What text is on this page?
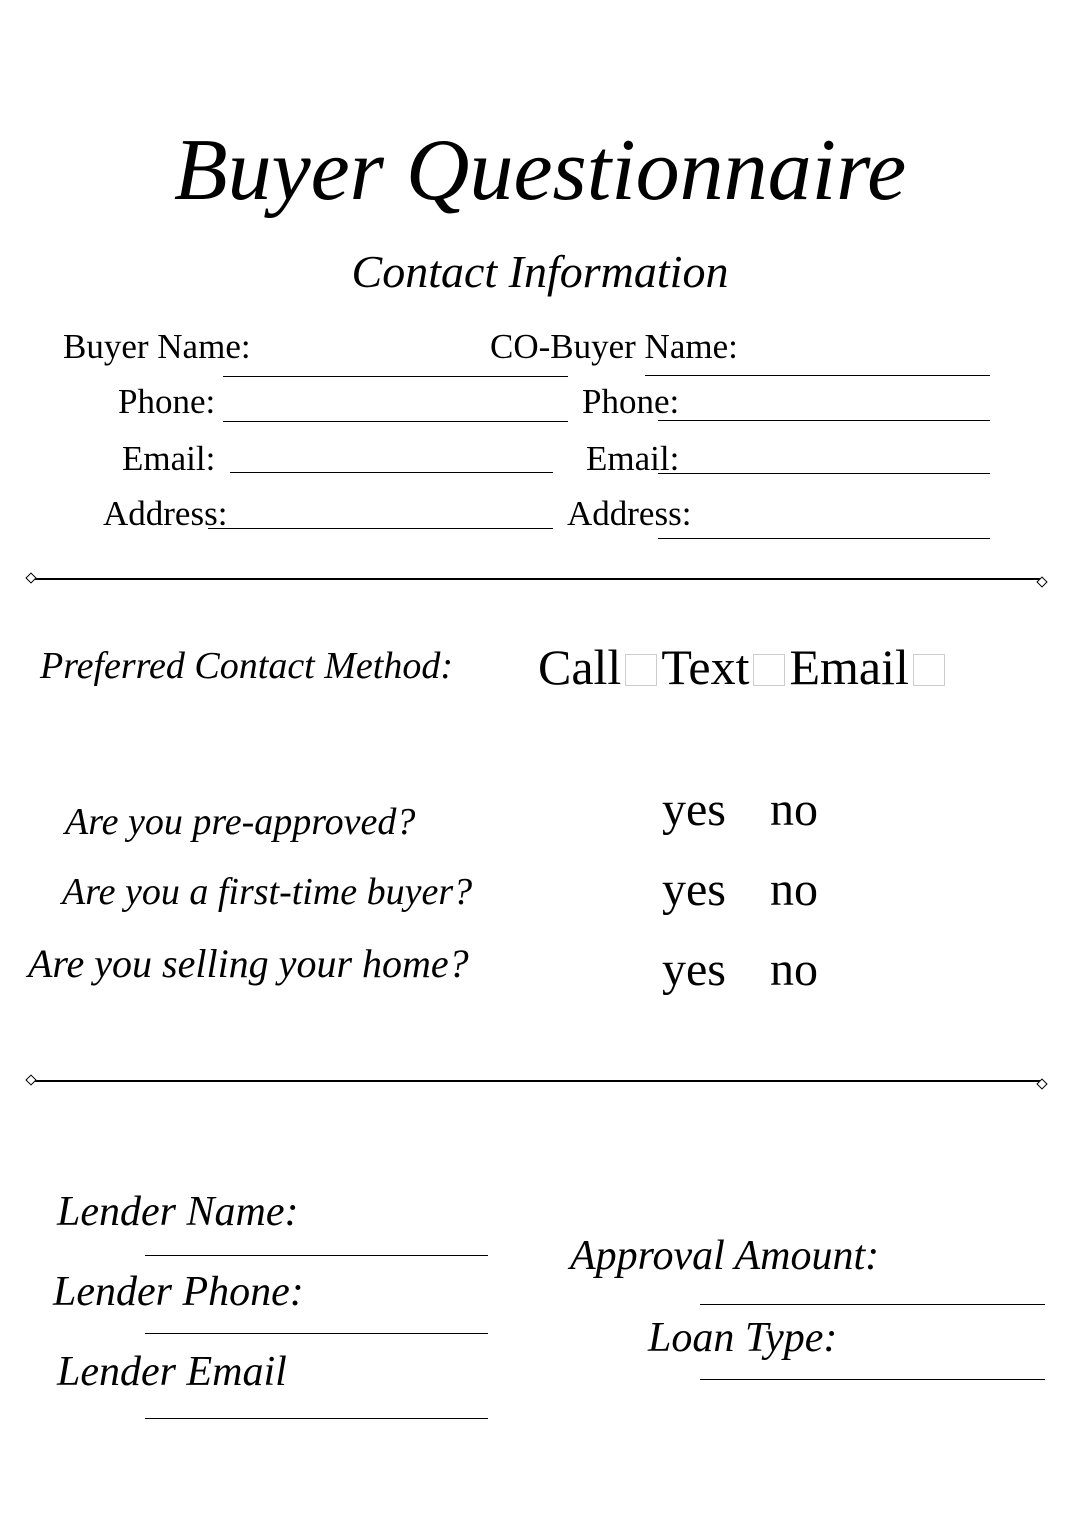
Buyer Questionnaire
Contact Information
Buyer Name:	CO-Buyer Name:
Phone:	Phone:
Email:	Email:
Address:	Address:
Preferred Contact Method: Call Text Email
Are you pre-approved?	yes no
Are you a first-time buyer?	yes no
Are you selling your home?	yes no
Lender Name:
Lender Phone:
Lender Email
Approval Amount:
Loan Type:
